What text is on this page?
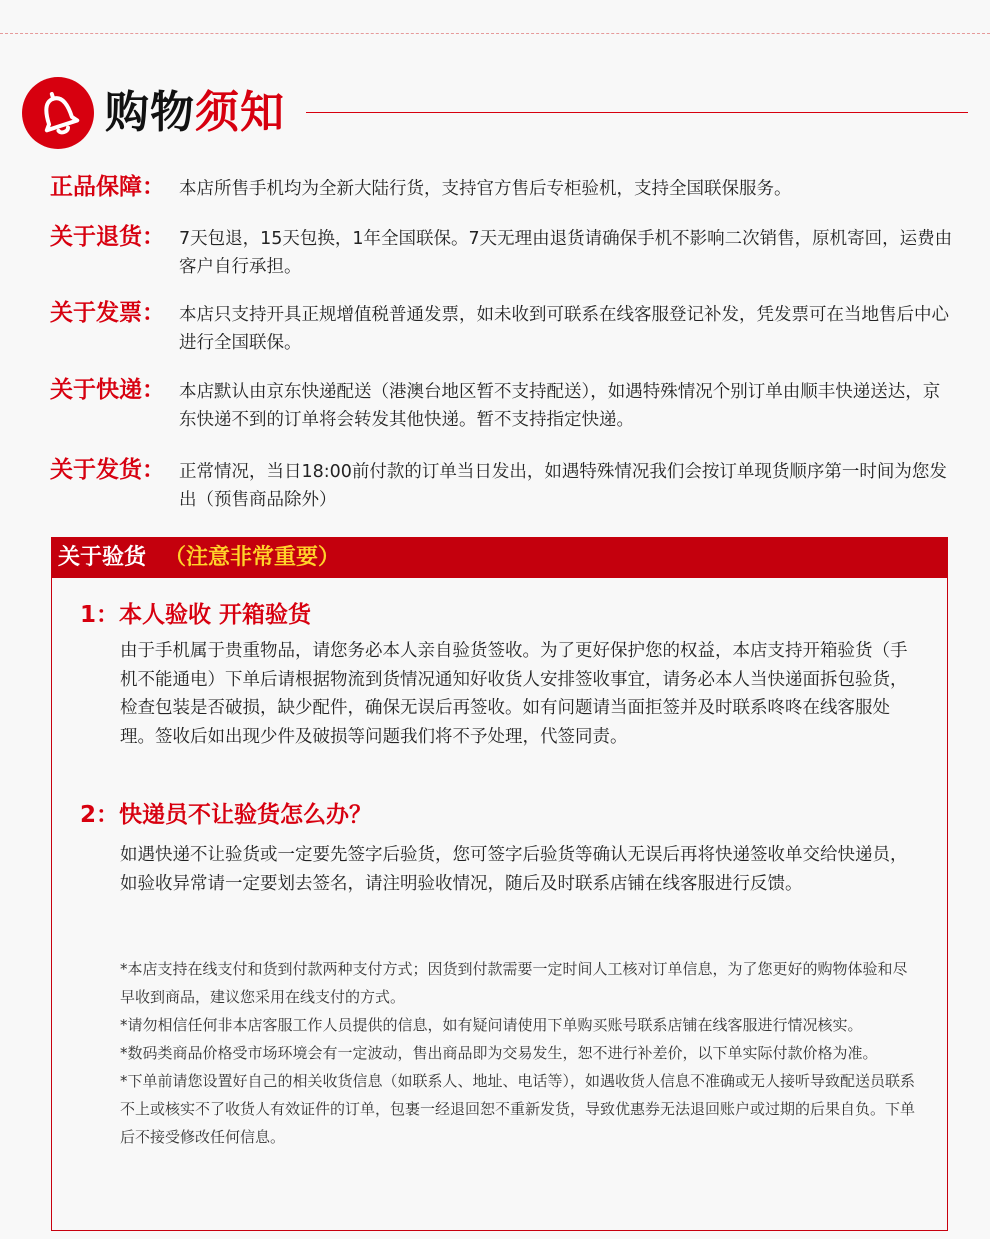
购物须知
正品保障： 本店所售手机均为全新大陆行货，支持官方售后专柜验机，支持全国联保服务。
关于退货： 7天包退，15天包换，1年全国联保。7天无理由退货请确保手机不影响二次销售，原机寄回，运费由客户自行承担。
关于发票： 本店只支持开具正规增值税普通发票，如未收到可联系在线客服登记补发，凭发票可在当地售后中心进行全国联保。
关于快递： 本店默认由京东快递配送（港澳台地区暂不支持配送），如遇特殊情况个别订单由顺丰快递送达，京东快递不到的订单将会转发其他快递。暂不支持指定快递。
关于发货： 正常情况，当日18:00前付款的订单当日发出，如遇特殊情况我们会按订单现货顺序第一时间为您发出（预售商品除外）
关于验货 （注意非常重要）
1：本人验收 开箱验货
由于手机属于贵重物品，请您务必本人亲自验货签收。为了更好保护您的权益，本店支持开箱验货（手机不能通电）下单后请根据物流到货情况通知好收货人安排签收事宜，请务必本人当快递面拆包验货，检查包装是否破损，缺少配件，确保无误后再签收。如有问题请当面拒签并及时联系咚咚在线客服处理。签收后如出现少件及破损等问题我们将不予处理，代签同责。
2：快递员不让验货怎么办？
如遇快递不让验货或一定要先签字后验货，您可签字后验货等确认无误后再将快递签收单交给快递员，如验收异常请一定要划去签名，请注明验收情况，随后及时联系店铺在线客服进行反馈。

*本店支持在线支付和货到付款两种支付方式；因货到付款需要一定时间人工核对订单信息，为了您更好的购物体验和尽早收到商品，建议您采用在线支付的方式。

*请勿相信任何非本店客服工作人员提供的信息，如有疑问请使用下单购买账号联系店铺在线客服进行情况核实。

*数码类商品价格受市场环境会有一定波动，售出商品即为交易发生，恕不进行补差价，以下单实际付款价格为准。

*下单前请您设置好自己的相关收货信息（如联系人、地址、电话等），如遇收货人信息不准确或无人接听导致配送员联系不上或核实不了收货人有效证件的订单，包裹一经退回恕不重新发货，导致优惠券无法退回账户或过期的后果自负。下单后不接受修改任何信息。
